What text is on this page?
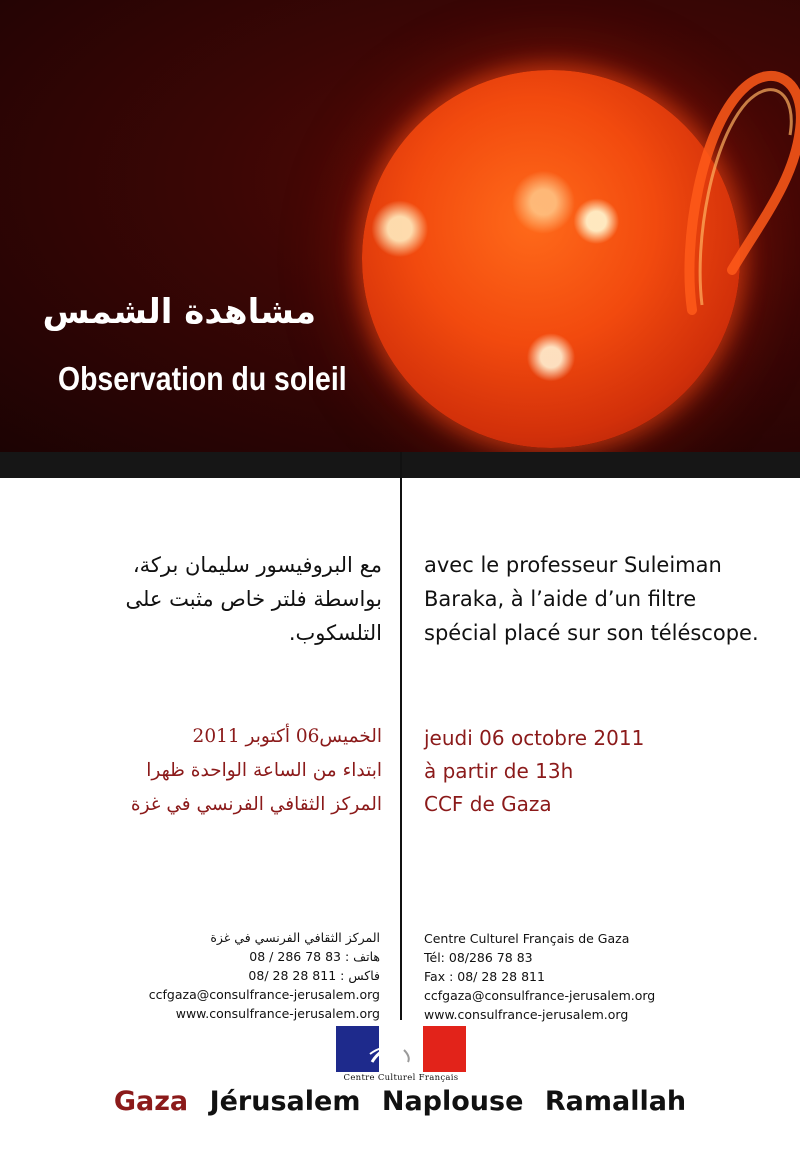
مشاهدة الشمس
Observation du soleil
مع البروفيسور سليمان بركة،
بواسطة فلتر خاص مثبت على
التلسكوب.
avec le professeur Suleiman
Baraka, à l’aide d’un filtre
spécial placé sur son téléscope.
الخميس06 أكتوبر 2011
ابتداء من الساعة الواحدة ظهرا
المركز الثقافي الفرنسي في غزة
jeudi 06 octobre 2011
à partir de 13h
CCF de Gaza
المركز الثقافي الفرنسي في غزة
هاتف : 83 78 286 / 08
فاكس : 811 28 28 /08
ccfgaza@consulfrance-jerusalem.org
www.consulfrance-jerusalem.org
Centre Culturel Français de Gaza
Tél: 08/286 78 83
Fax : 08/ 28 28 811
ccfgaza@consulfrance-jerusalem.org
www.consulfrance-jerusalem.org
Centre Culturel Français
Gaza Jérusalem Naplouse Ramallah
